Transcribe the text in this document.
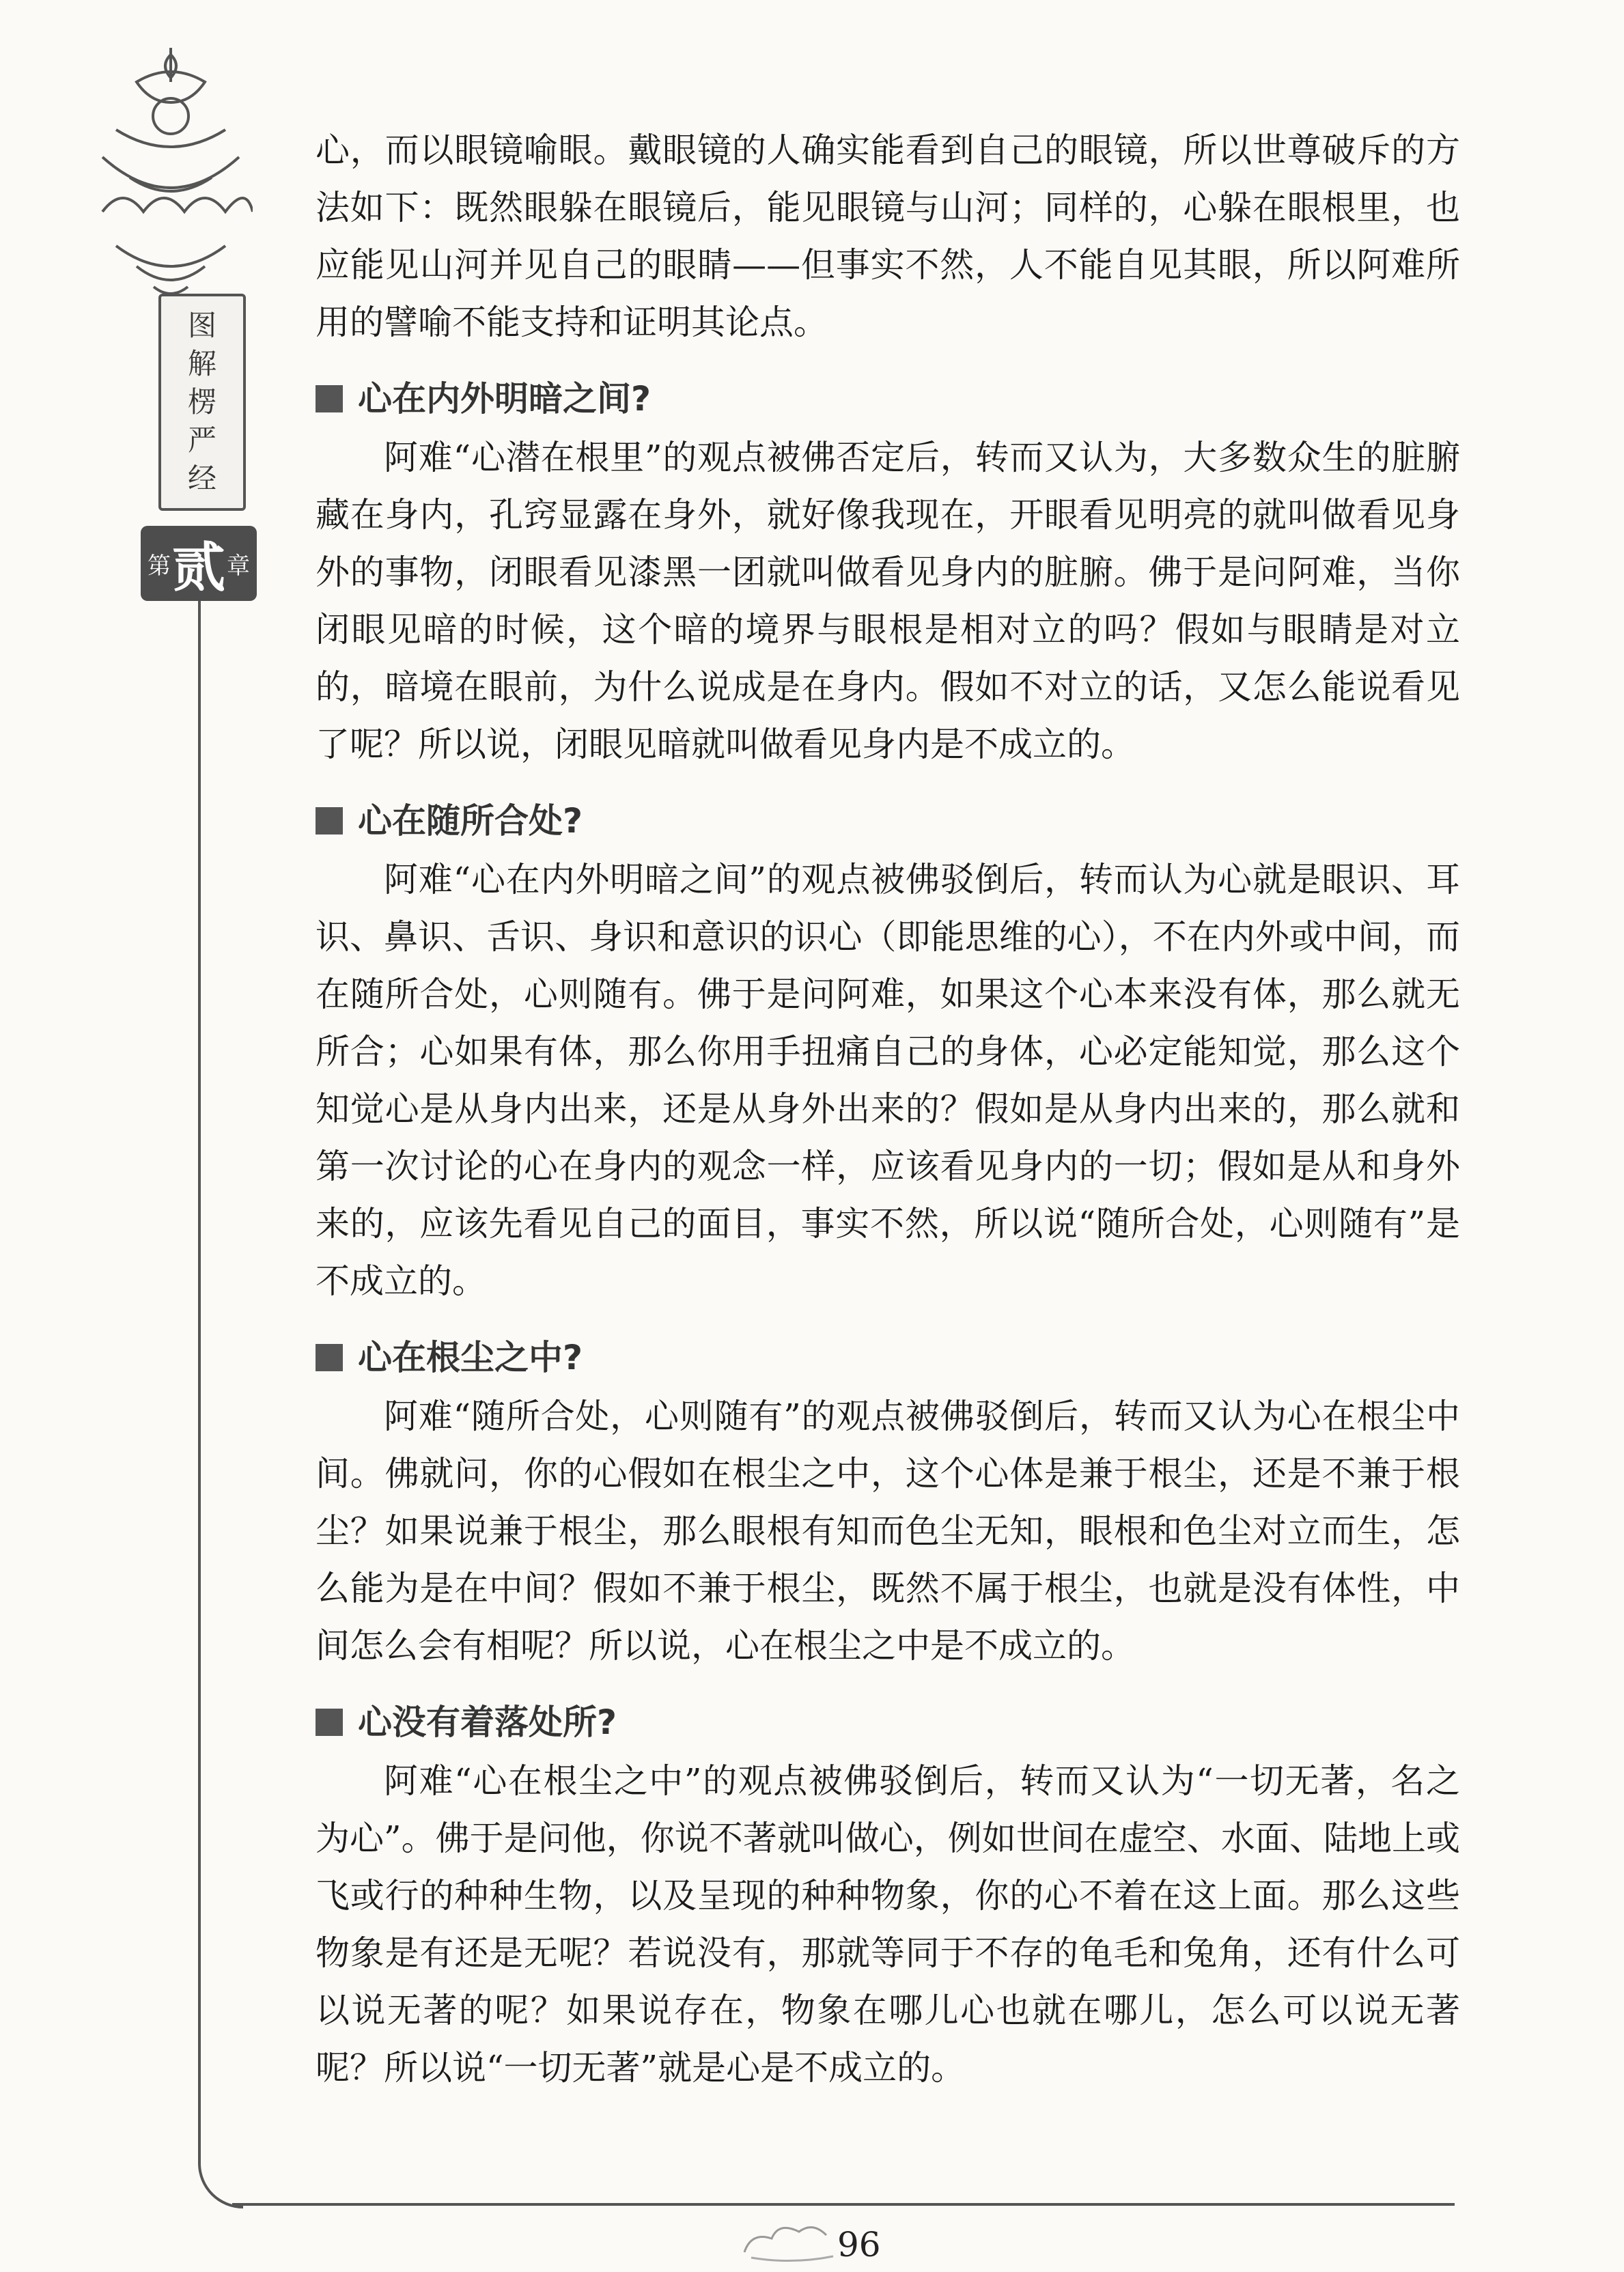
图
解
楞
严
经
第 贰 章

心，而以眼镜喻眼。戴眼镜的人确实能看到自己的眼镜，所以世尊破斥的方法如下：既然眼躲在眼镜后，能见眼镜与山河；同样的，心躲在眼根里，也应能见山河并见自己的眼睛——但事实不然，人不能自见其眼，所以阿难所用的譬喻不能支持和证明其论点。

心在内外明暗之间?

阿难“心潜在根里”的观点被佛否定后，转而又认为，大多数众生的脏腑藏在身内，孔窍显露在身外，就好像我现在，开眼看见明亮的就叫做看见身外的事物，闭眼看见漆黑一团就叫做看见身内的脏腑。佛于是问阿难，当你闭眼见暗的时候，这个暗的境界与眼根是相对立的吗？假如与眼睛是对立的，暗境在眼前，为什么说成是在身内。假如不对立的话，又怎么能说看见了呢？所以说，闭眼见暗就叫做看见身内是不成立的。

心在随所合处?

阿难“心在内外明暗之间”的观点被佛驳倒后，转而认为心就是眼识、耳识、鼻识、舌识、身识和意识的识心（即能思维的心），不在内外或中间，而在随所合处，心则随有。佛于是问阿难，如果这个心本来没有体，那么就无所合；心如果有体，那么你用手扭痛自己的身体，心必定能知觉，那么这个知觉心是从身内出来，还是从身外出来的？假如是从身内出来的，那么就和第一次讨论的心在身内的观念一样，应该看见身内的一切；假如是从和身外来的，应该先看见自己的面目，事实不然，所以说“随所合处，心则随有”是不成立的。

心在根尘之中?

阿难“随所合处，心则随有”的观点被佛驳倒后，转而又认为心在根尘中间。佛就问，你的心假如在根尘之中，这个心体是兼于根尘，还是不兼于根尘？如果说兼于根尘，那么眼根有知而色尘无知，眼根和色尘对立而生，怎么能为是在中间？假如不兼于根尘，既然不属于根尘，也就是没有体性，中间怎么会有相呢？所以说，心在根尘之中是不成立的。

心没有着落处所?

阿难“心在根尘之中”的观点被佛驳倒后，转而又认为“一切无著，名之为心”。佛于是问他，你说不著就叫做心，例如世间在虚空、水面、陆地上或飞或行的种种生物，以及呈现的种种物象，你的心不着在这上面。那么这些物象是有还是无呢？若说没有，那就等同于不存的龟毛和兔角，还有什么可以说无著的呢？如果说存在，物象在哪儿心也就在哪儿，怎么可以说无著呢？所以说“一切无著”就是心是不成立的。

96
